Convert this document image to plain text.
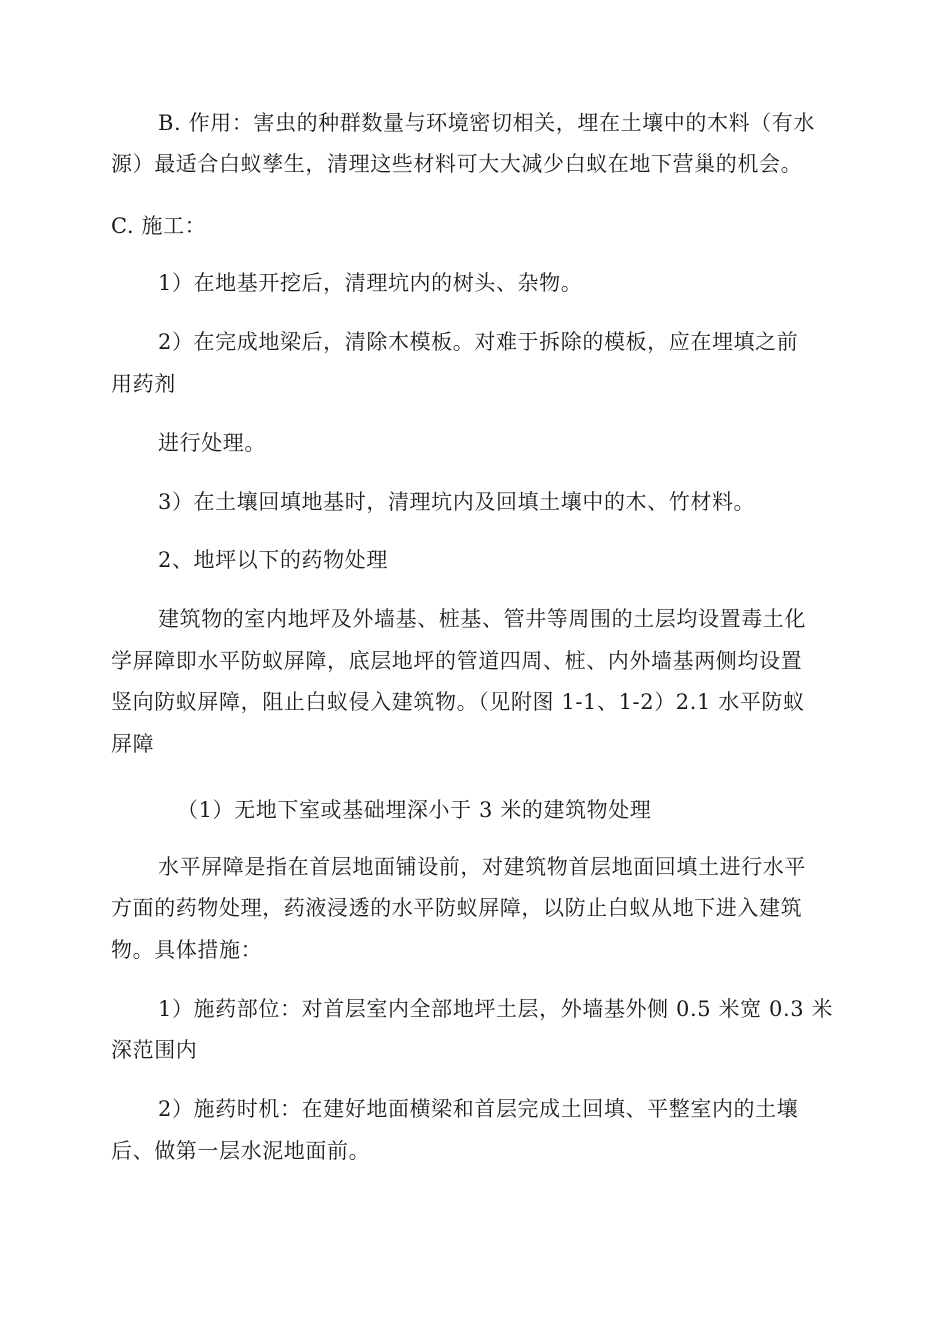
B. 作用：害虫的种群数量与环境密切相关，埋在土壤中的木料（有水
源）最适合白蚁孳生，清理这些材料可大大减少白蚁在地下营巢的机会。
C. 施工：
1）在地基开挖后，清理坑内的树头、杂物。
2）在完成地梁后，清除木模板。对难于拆除的模板，应在埋填之前
用药剂
进行处理。
3）在土壤回填地基时，清理坑内及回填土壤中的木、竹材料。
2、地坪以下的药物处理
建筑物的室内地坪及外墙基、桩基、管井等周围的土层均设置毒土化
学屏障即水平防蚁屏障，底层地坪的管道四周、桩、内外墙基两侧均设置
竖向防蚁屏障，阻止白蚁侵入建筑物。（见附图 1-1、1-2）2.1 水平防蚁
屏障
（1）无地下室或基础埋深小于 3 米的建筑物处理
水平屏障是指在首层地面铺设前，对建筑物首层地面回填土进行水平
方面的药物处理，药液浸透的水平防蚁屏障，以防止白蚁从地下进入建筑
物。具体措施：
1）施药部位：对首层室内全部地坪土层，外墙基外侧 0.5 米宽 0.3 米
深范围内
2）施药时机：在建好地面横梁和首层完成土回填、平整室内的土壤
后、做第一层水泥地面前。
